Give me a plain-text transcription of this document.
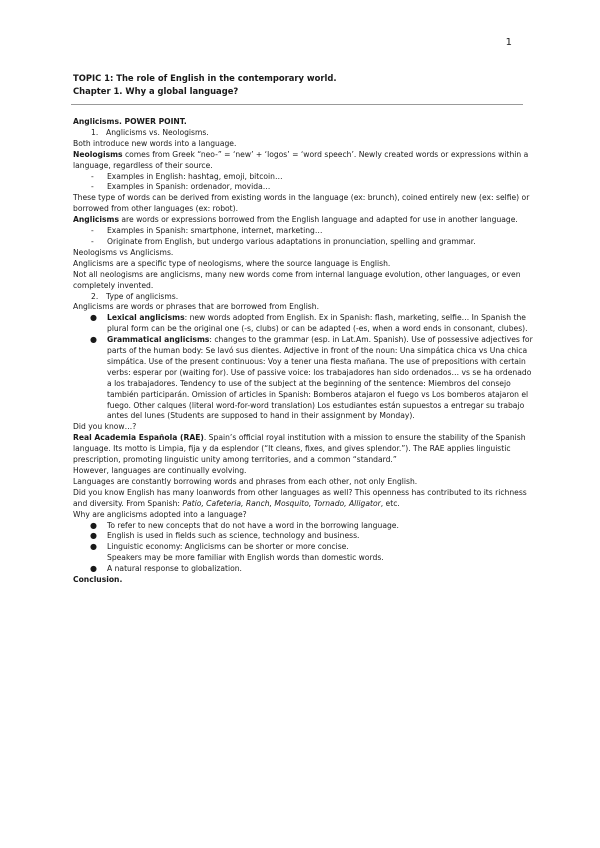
1

TOPIC 1: The role of English in the contemporary world.

Chapter 1. Why a global language?

Anglicisms. POWER POINT.

1.	Anglicisms vs. Neologisms.

Both introduce new words into a language.

Neologisms comes from Greek “neo-” = ‘new’ + ‘logos’ = ‘word speech’. Newly created words or expressions within a language, regardless of their source.

- Examples in English: hashtag, emoji, bitcoin…
- Examples in Spanish: ordenador, movida…

These type of words can be derived from existing words in the language (ex: brunch), coined entirely new (ex: selfie) or borrowed from other languages (ex: robot).

Anglicisms are words or expressions borrowed from the English language and adapted for use in another language.

- Examples in Spanish: smartphone, internet, marketing…
- Originate from English, but undergo various adaptations in pronunciation, spelling and grammar.

Neologisms vs Anglicisms.

Anglicisms are a specific type of neologisms, where the source language is English.

Not all neologisms are anglicisms, many new words come from internal language evolution, other languages, or even completely invented.

2.	Type of anglicisms.

Anglicisms are words or phrases that are borrowed from English.

● Lexical anglicisms: new words adopted from English. Ex in Spanish: flash, marketing, selfie… In Spanish the plural form can be the original one (-s, clubs) or can be adapted (-es, when a word ends in consonant, clubes).
● Grammatical anglicisms: changes to the grammar (esp. in Lat.Am. Spanish). Use of possessive adjectives for parts of the human body: Se lavó sus dientes. Adjective in front of the noun: Una simpática chica vs Una chica simpática. Use of the present continuous: Voy a tener una fiesta mañana. The use of prepositions with certain verbs: esperar por (waiting for). Use of passive voice: los trabajadores han sido ordenados… vs se ha ordenado a los trabajadores. Tendency to use of the subject at the beginning of the sentence: Miembros del consejo también participarán. Omission of articles in Spanish: Bomberos atajaron el fuego vs Los bomberos atajaron el fuego. Other calques (literal word-for-word translation) Los estudiantes están supuestos a entregar su trabajo antes del lunes (Students are supposed to hand in their assignment by Monday).

Did you know…?

Real Academia Española (RAE). Spain’s official royal institution with a mission to ensure the stability of the Spanish language. Its motto is Limpia, fija y da esplendor (“It cleans, fixes, and gives splendor.”). The RAE applies linguistic prescription, promoting linguistic unity among territories, and a common “standard.”

However, languages are continually evolving.

Languages are constantly borrowing words and phrases from each other, not only English.

Did you know English has many loanwords from other languages as well? This openness has contributed to its richness and diversity. From Spanish: Patio, Cafeteria, Ranch, Mosquito, Tornado, Alligator, etc.

Why are anglicisms adopted into a language?

● To refer to new concepts that do not have a word in the borrowing language.
● English is used in fields such as science, technology and business.
● Linguistic economy: Anglicisms can be shorter or more concise.

Speakers may be more familiar with English words than domestic words.

● A natural response to globalization.

Conclusion.
